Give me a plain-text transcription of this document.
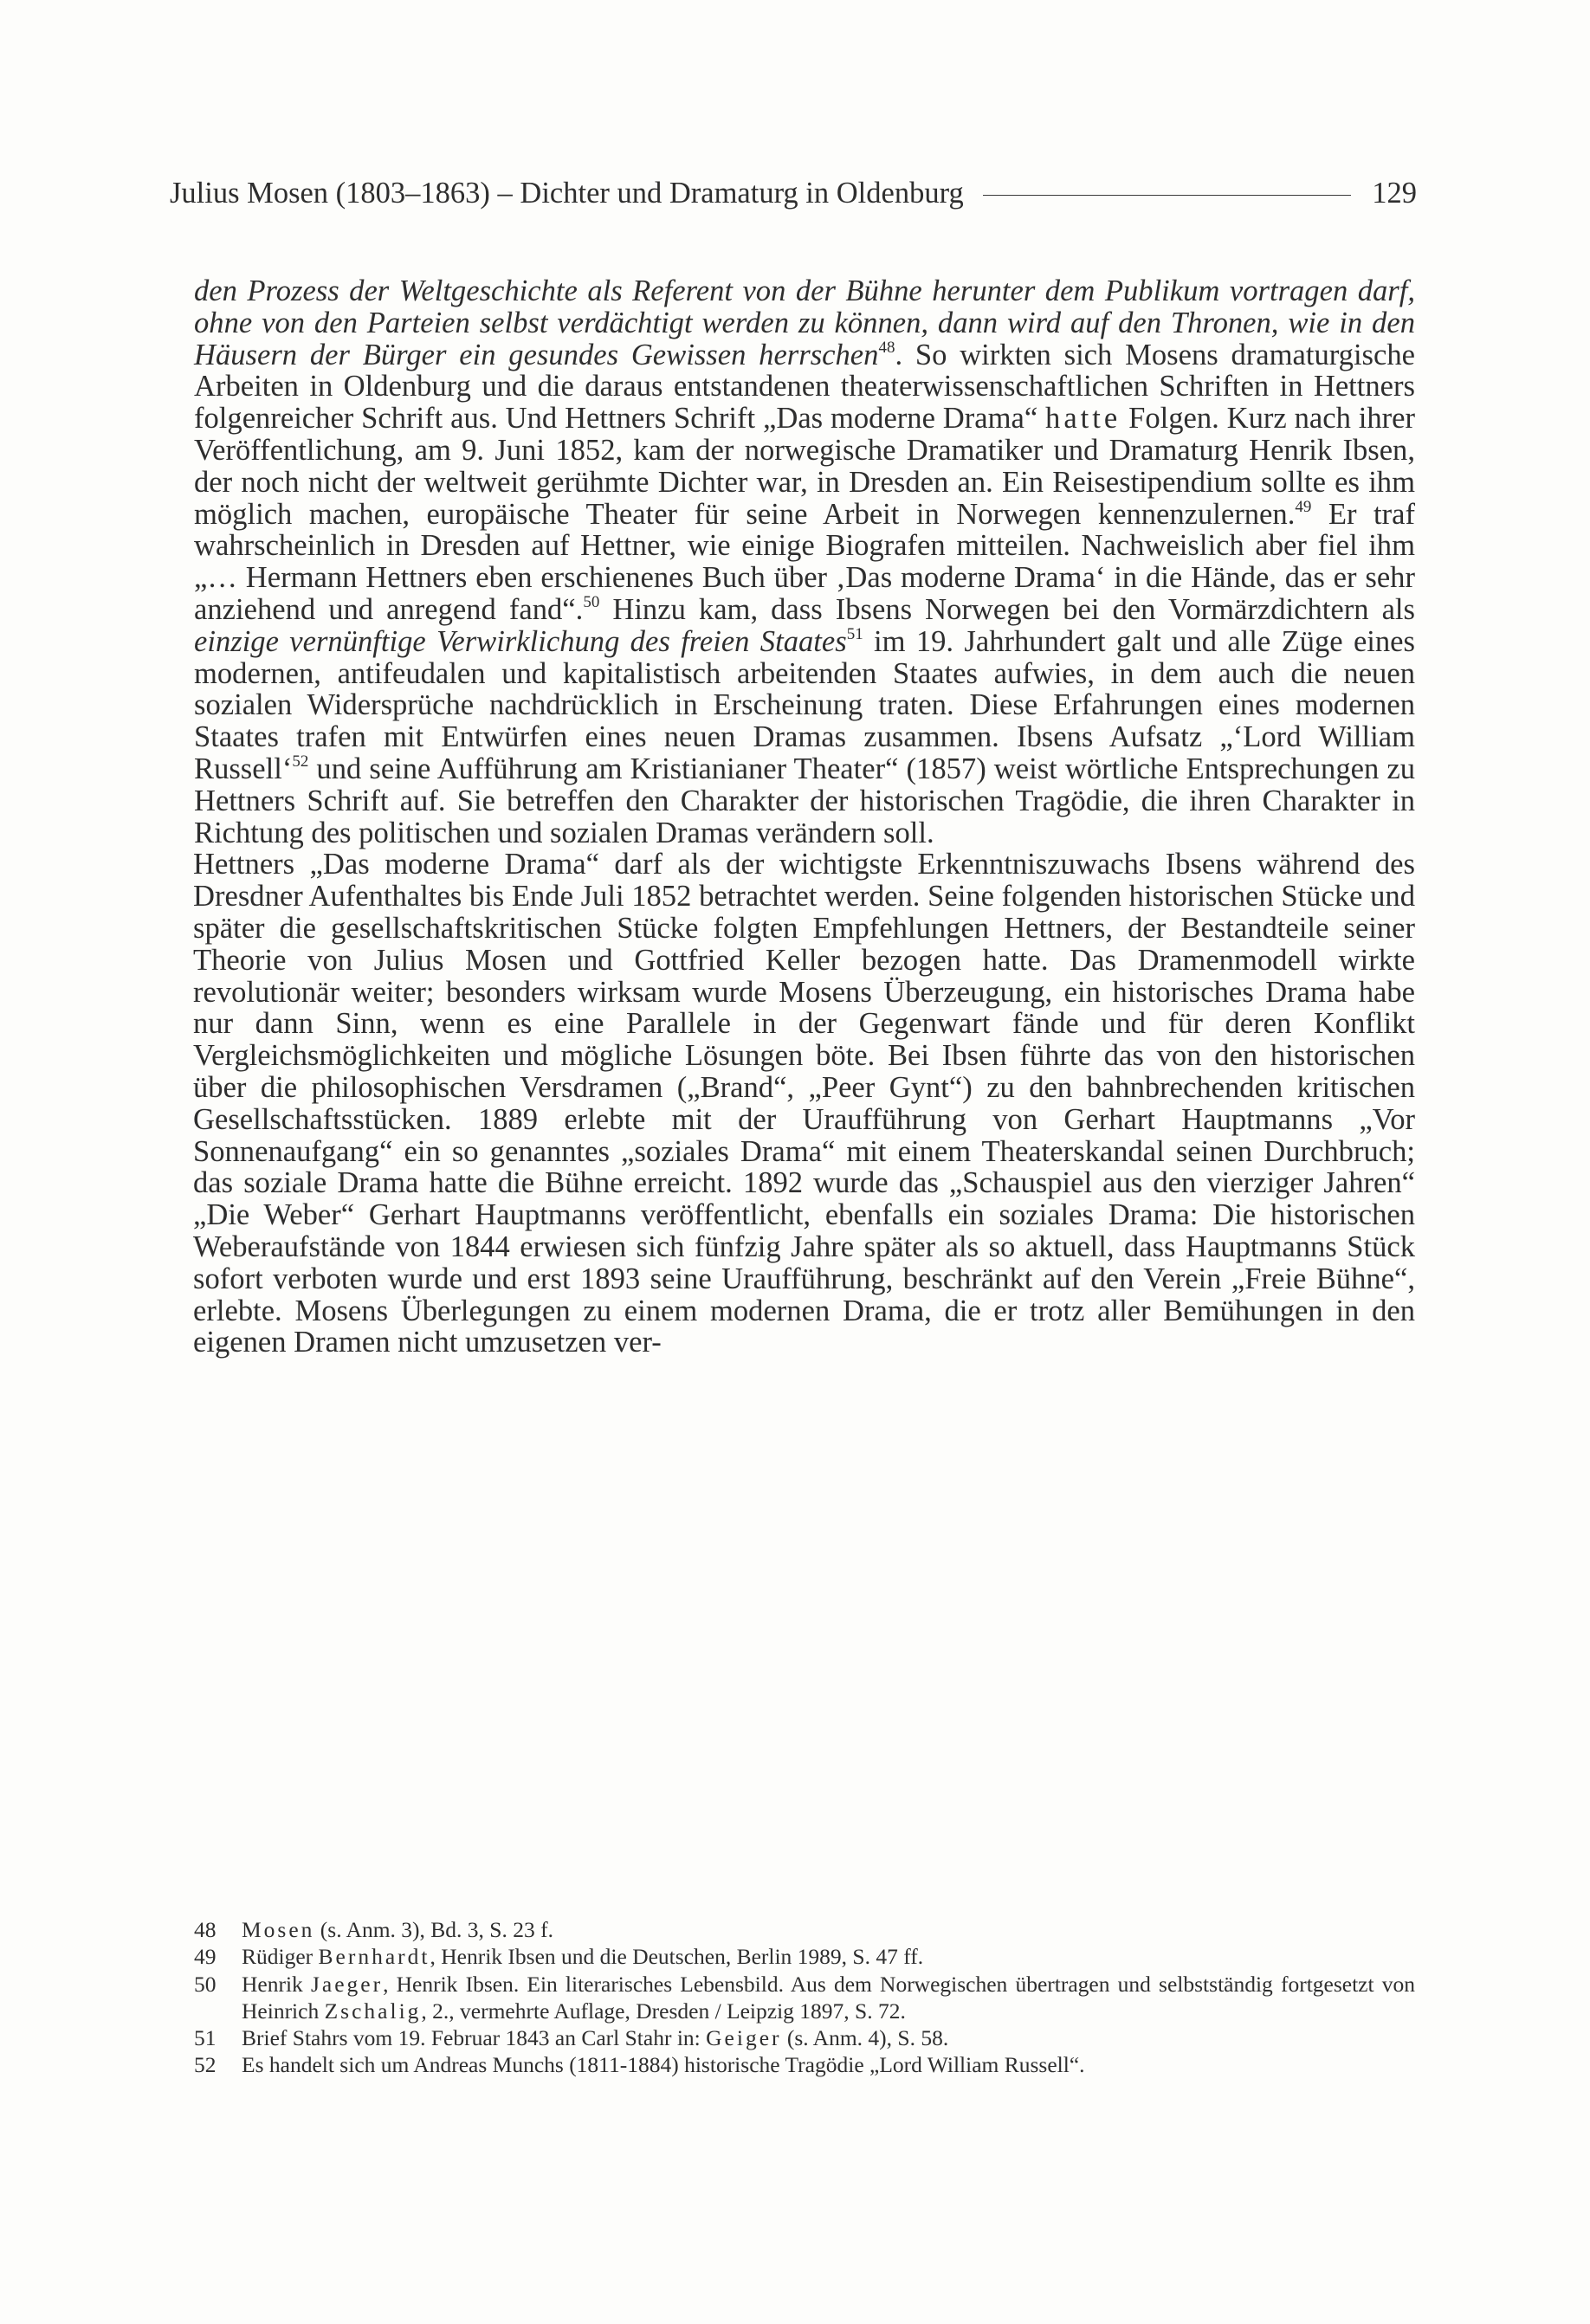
Julius Mosen (1803–1863) – Dichter und Dramaturg in Oldenburg	129

den Prozess der Weltgeschichte als Referent von der Bühne herunter dem Publikum vortragen darf, ohne von den Parteien selbst verdächtigt werden zu können, dann wird auf den Thronen, wie in den Häusern der Bürger ein gesundes Gewissen herrschen$^{48}$. So wirkten sich Mosens dramaturgische Arbeiten in Oldenburg und die daraus entstandenen theaterwissenschaftlichen Schriften in Hettners folgenreicher Schrift aus. Und Hettners Schrift „Das moderne Drama“ hatte Folgen. Kurz nach ihrer Veröffentlichung, am 9. Juni 1852, kam der norwegische Dramatiker und Dramaturg Henrik Ibsen, der noch nicht der weltweit gerühmte Dichter war, in Dresden an. Ein Reisestipendium sollte es ihm möglich machen, europäische Theater für seine Arbeit in Norwegen kennenzulernen.$^{49}$ Er traf wahrscheinlich in Dresden auf Hettner, wie einige Biografen mitteilen. Nachweislich aber fiel ihm „… Hermann Hettners eben erschienenes Buch über ‚Das moderne Drama‘ in die Hände, das er sehr anziehend und anregend fand“.$^{50}$ Hinzu kam, dass Ibsens Norwegen bei den Vormärzdichtern als einzige vernünftige Verwirklichung des freien Staates$^{51}$ im 19. Jahrhundert galt und alle Züge eines modernen, antifeudalen und kapitalistisch arbeitenden Staates aufwies, in dem auch die neuen sozialen Widersprüche nachdrücklich in Erscheinung traten. Diese Erfahrungen eines modernen Staates trafen mit Entwürfen eines neuen Dramas zusammen. Ibsens Aufsatz „‘Lord William Russell‘$^{52}$ und seine Aufführung am Kristianianer Theater“ (1857) weist wörtliche Entsprechungen zu Hettners Schrift auf. Sie betreffen den Charakter der historischen Tragödie, die ihren Charakter in Richtung des politischen und sozialen Dramas verändern soll.

Hettners „Das moderne Drama“ darf als der wichtigste Erkenntniszuwachs Ibsens während des Dresdner Aufenthaltes bis Ende Juli 1852 betrachtet werden. Seine folgenden historischen Stücke und später die gesellschaftskritischen Stücke folgten Empfehlungen Hettners, der Bestandteile seiner Theorie von Julius Mosen und Gottfried Keller bezogen hatte. Das Dramenmodell wirkte revolutionär weiter; besonders wirksam wurde Mosens Überzeugung, ein historisches Drama habe nur dann Sinn, wenn es eine Parallele in der Gegenwart fände und für deren Konflikt Vergleichsmöglichkeiten und mögliche Lösungen böte. Bei Ibsen führte das von den historischen über die philosophischen Versdramen („Brand“, „Peer Gynt“) zu den bahnbrechenden kritischen Gesellschaftsstücken. 1889 erlebte mit der Uraufführung von Gerhart Hauptmanns „Vor Sonnenaufgang“ ein so genanntes „soziales Drama“ mit einem Theaterskandal seinen Durchbruch; das soziale Drama hatte die Bühne erreicht. 1892 wurde das „Schauspiel aus den vierziger Jahren“ „Die Weber“ Gerhart Hauptmanns veröffentlicht, ebenfalls ein soziales Drama: Die historischen Weberaufstände von 1844 erwiesen sich fünfzig Jahre später als so aktuell, dass Hauptmanns Stück sofort verboten wurde und erst 1893 seine Uraufführung, beschränkt auf den Verein „Freie Bühne“, erlebte. Mosens Überlegungen zu einem modernen Drama, die er trotz aller Bemühungen in den eigenen Dramen nicht umzusetzen ver-

48 Mosen (s. Anm. 3), Bd. 3, S. 23 f.
49 Rüdiger Bernhardt, Henrik Ibsen und die Deutschen, Berlin 1989, S. 47 ff.
50 Henrik Jaeger, Henrik Ibsen. Ein literarisches Lebensbild. Aus dem Norwegischen übertragen und selbstständig fortgesetzt von Heinrich Zschalig, 2., vermehrte Auflage, Dresden / Leipzig 1897, S. 72.
51 Brief Stahrs vom 19. Februar 1843 an Carl Stahr in: Geiger (s. Anm. 4), S. 58.
52 Es handelt sich um Andreas Munchs (1811-1884) historische Tragödie „Lord William Russell“.
